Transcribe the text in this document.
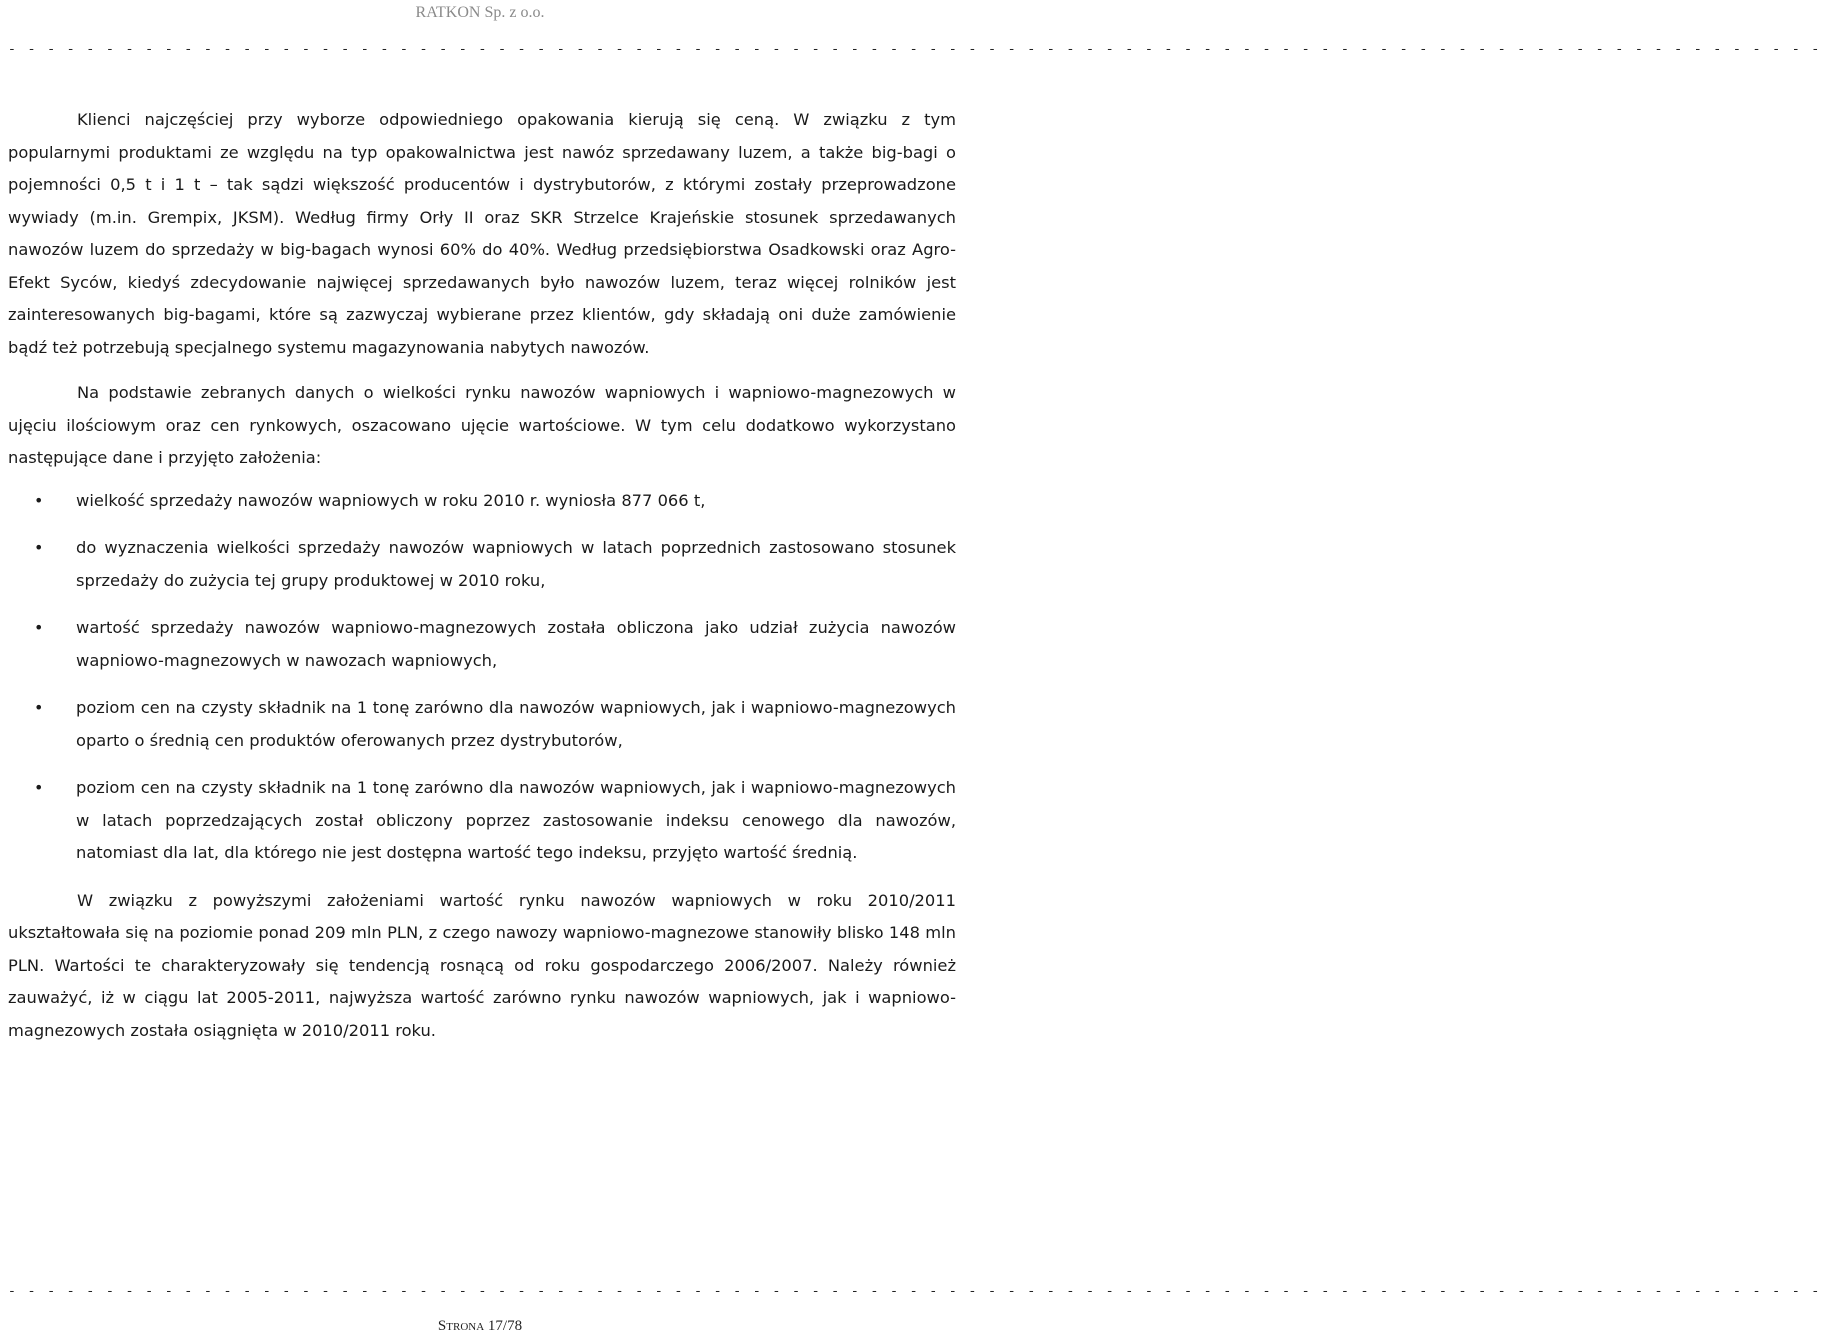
RATKON Sp. z o.o.
- - - - - - - - - - - - - - - - - - - - - - - - - - - - - - - - - - - - - - - - - - - - - - - - - - - - - - - - - - - - - - - - - - - - - - - - - - - - - - - - - - - - - - - - - - - - -

Klienci najczęściej przy wyborze odpowiedniego opakowania kierują się ceną. W związku z tym popularnymi produktami ze względu na typ opakowalnictwa jest nawóz sprzedawany luzem, a także big-bagi o pojemności 0,5 t i 1 t – tak sądzi większość producentów i dystrybutorów, z którymi zostały przeprowadzone wywiady (m.in. Grempix, JKSM). Według firmy Orły II oraz SKR Strzelce Krajeńskie stosunek sprzedawanych nawozów luzem do sprzedaży w big-bagach wynosi 60% do 40%. Według przedsiębiorstwa Osadkowski oraz Agro-Efekt Syców, kiedyś zdecydowanie najwięcej sprzedawanych było nawozów luzem, teraz więcej rolników jest zainteresowanych big-bagami, które są zazwyczaj wybierane przez klientów, gdy składają oni duże zamówienie bądź też potrzebują specjalnego systemu magazynowania nabytych nawozów.

Na podstawie zebranych danych o wielkości rynku nawozów wapniowych i wapniowo-magnezowych w ujęciu ilościowym oraz cen rynkowych, oszacowano ujęcie wartościowe. W tym celu dodatkowo wykorzystano następujące dane i przyjęto założenia:

• wielkość sprzedaży nawozów wapniowych w roku 2010 r. wyniosła 877 066 t,
• do wyznaczenia wielkości sprzedaży nawozów wapniowych w latach poprzednich zastosowano stosunek sprzedaży do zużycia tej grupy produktowej w 2010 roku,
• wartość sprzedaży nawozów wapniowo-magnezowych została obliczona jako udział zużycia nawozów wapniowo-magnezowych w nawozach wapniowych,
• poziom cen na czysty składnik na 1 tonę zarówno dla nawozów wapniowych, jak i wapniowo-magnezowych oparto o średnią cen produktów oferowanych przez dystrybutorów,
• poziom cen na czysty składnik na 1 tonę zarówno dla nawozów wapniowych, jak i wapniowo-magnezowych w latach poprzedzających został obliczony poprzez zastosowanie indeksu cenowego dla nawozów, natomiast dla lat, dla którego nie jest dostępna wartość tego indeksu, przyjęto wartość średnią.

W związku z powyższymi założeniami wartość rynku nawozów wapniowych w roku 2010/2011 ukształtowała się na poziomie ponad 209 mln PLN, z czego nawozy wapniowo-magnezowe stanowiły blisko 148 mln PLN. Wartości te charakteryzowały się tendencją rosnącą od roku gospodarczego 2006/2007. Należy również zauważyć, iż w ciągu lat 2005-2011, najwyższa wartość zarówno rynku nawozów wapniowych, jak i wapniowo-magnezowych została osiągnięta w 2010/2011 roku.

- - - - - - - - - - - - - - - - - - - - - - - - - - - - - - - - - - - - - - - - - - - - - - - - - - - - - - - - - - - - - - - - - - - - - - - - - - - - - - - - - - - - - - - - - - - - -
Strona 17/78
